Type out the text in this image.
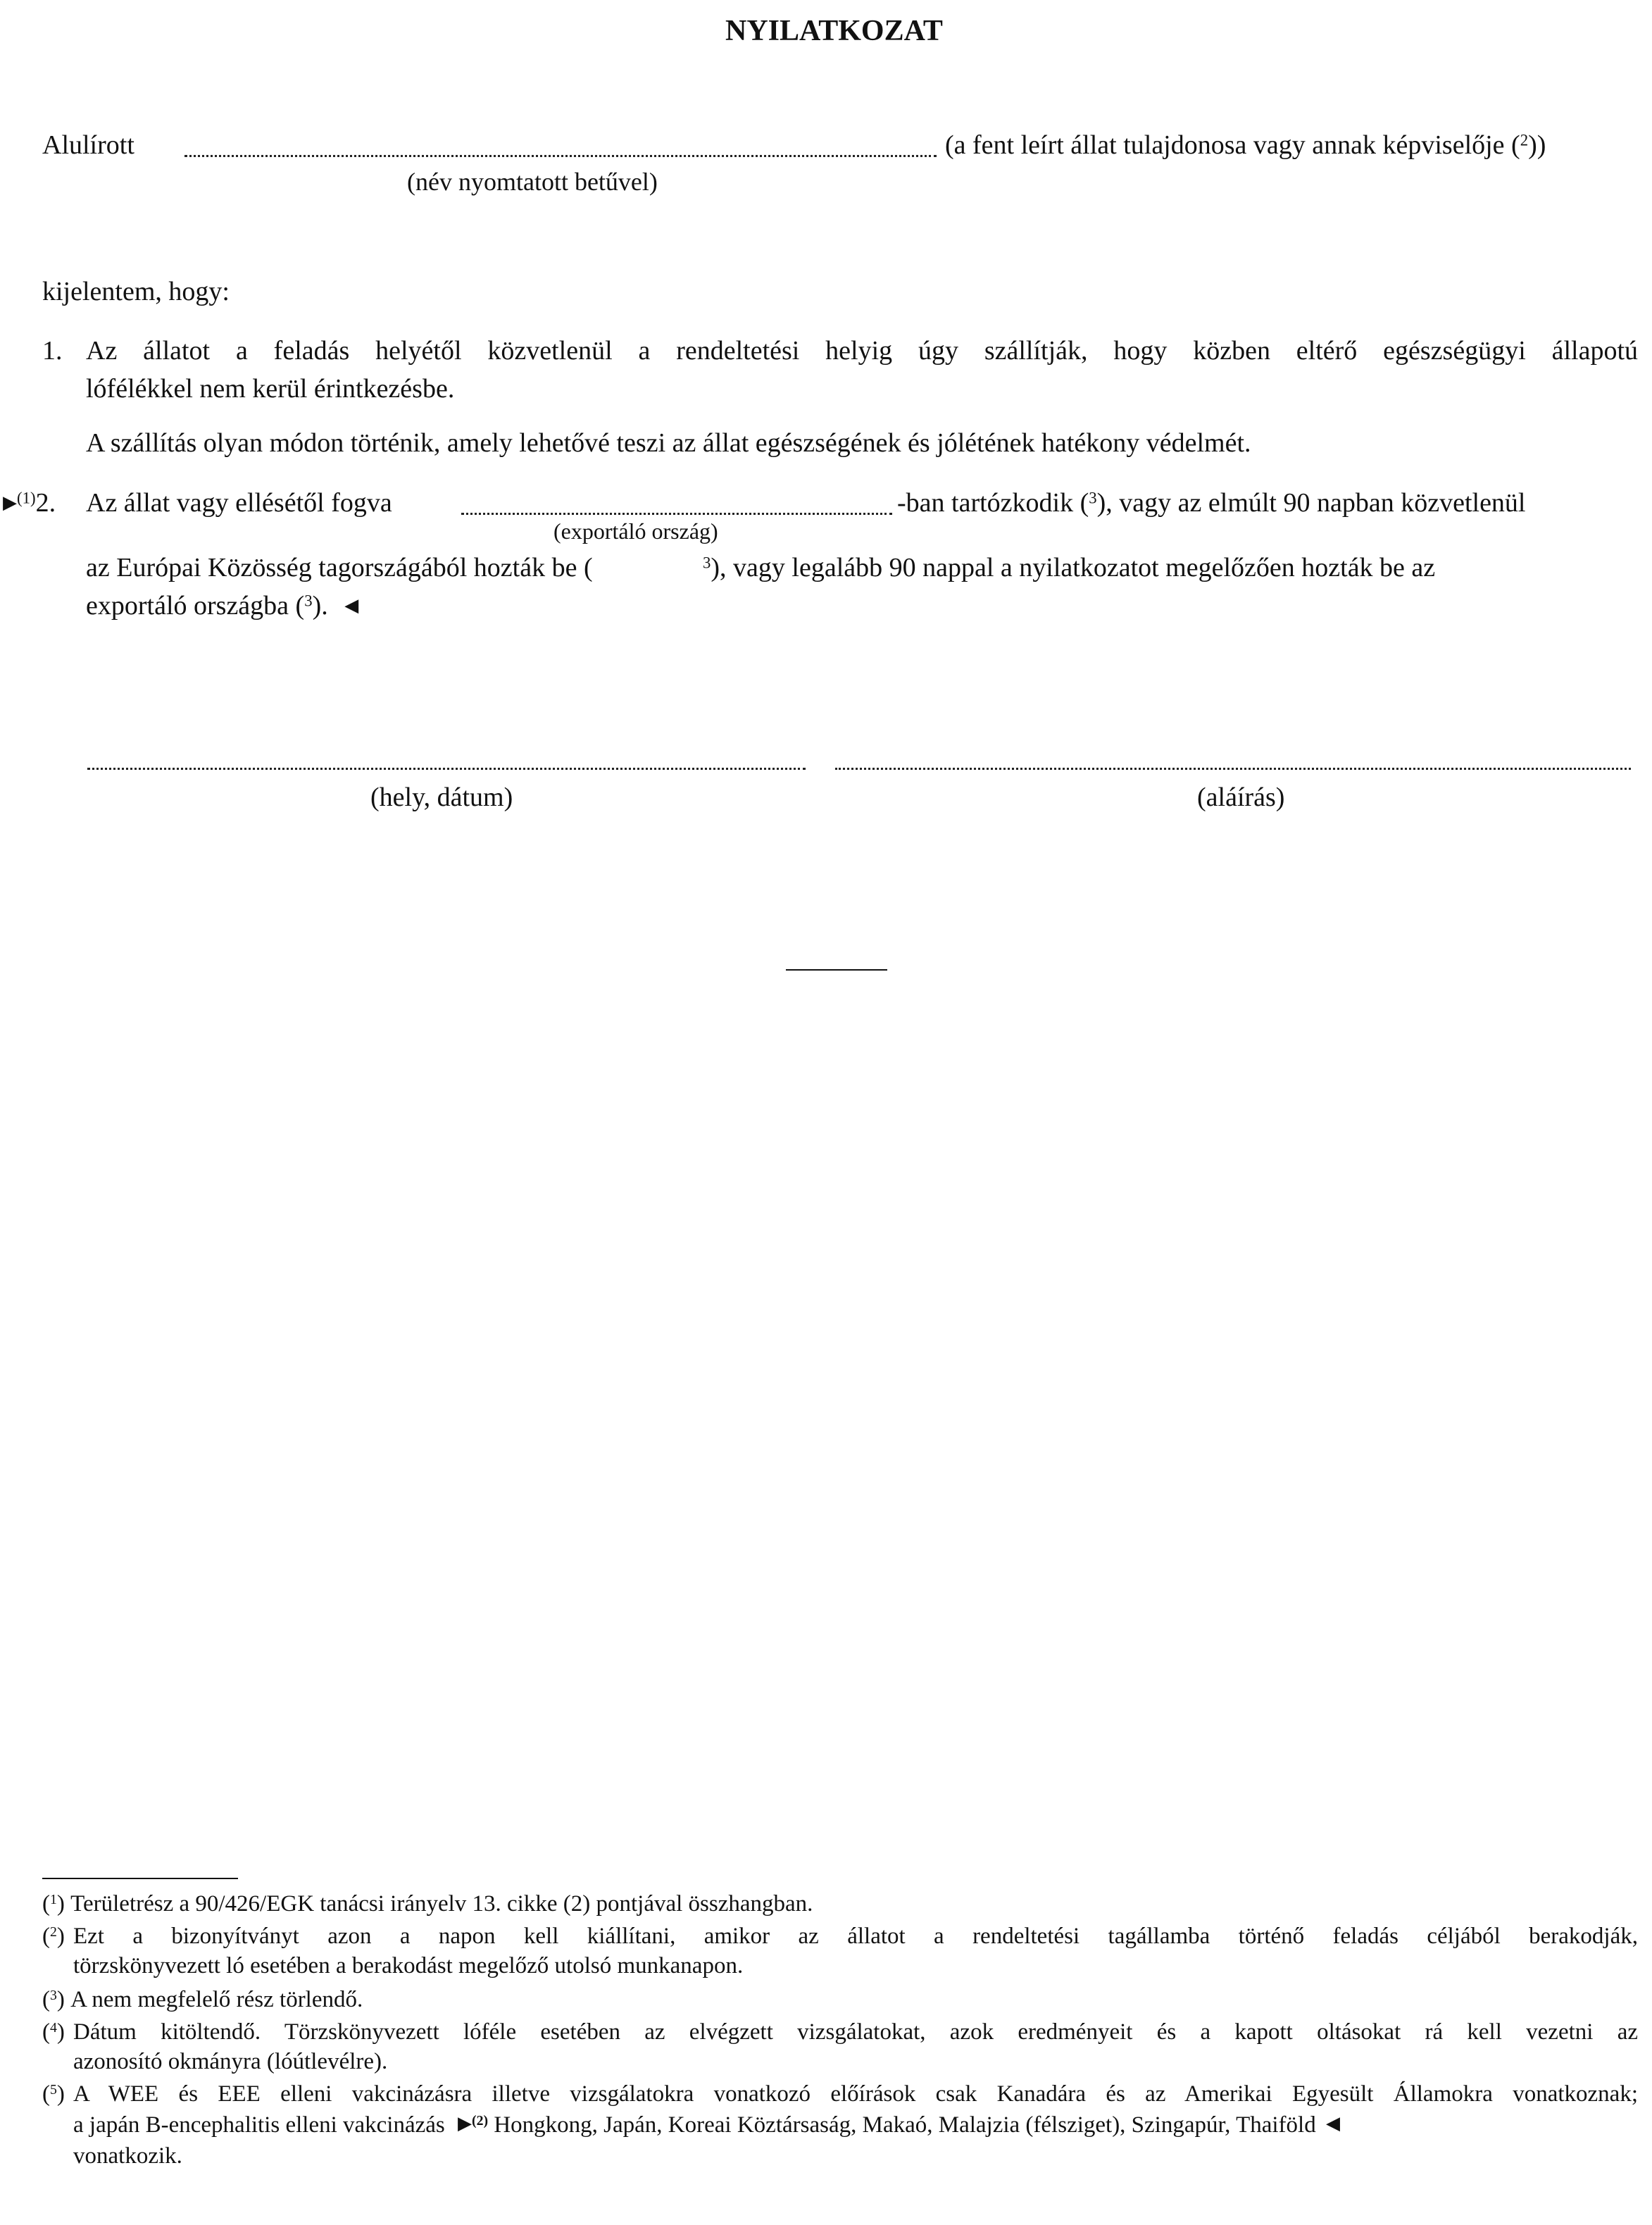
NYILATKOZAT
Alulírott	(a fent leírt állat tulajdonosa vagy annak képviselője ($^2$))
(név nyomtatott betűvel)
kijelentem, hogy:
1. Az állatot a feladás helyétől közvetlenül a rendeltetési helyig úgy szállítják, hogy közben eltérő egészségügyi állapotú
lófélékkel nem kerül érintkezésbe.
A szállítás olyan módon történik, amely lehetővé teszi az állat egészségének és jólétének hatékony védelmét.
▶$^{(1)}$2. Az állat vagy ellésétől fogva
(exportáló ország)
-ban tartózkodik ($^3$), vagy az elmúlt 90 napban közvetlenül
az Európai Közösség tagországából hozták be (	$^3$), vagy legalább 90 nappal a nyilatkozatot megelőzően hozták be az
exportáló országba ($^3$). ◀
(hely, dátum)	(aláírás)
($^1$) Területrész a 90/426/EGK tanácsi irányelv 13. cikke (2) pontjával összhangban.
($^2$) Ezt a bizonyítványt azon a napon kell kiállítani, amikor az állatot a rendeltetési tagállamba történő feladás céljából berakodják,
törzskönyvezett ló esetében a berakodást megelőző utolsó munkanapon.
($^3$) A nem megfelelő rész törlendő.
($^4$) Dátum kitöltendő. Törzskönyvezett lóféle esetében az elvégzett vizsgálatokat, azok eredményeit és a kapott oltásokat rá kell vezetni az
azonosító okmányra (lóútlevélre).
($^5$) A WEE és EEE elleni vakcinázásra illetve vizsgálatokra vonatkozó előírások csak Kanadára és az Amerikai Egyesült Államokra vonatkoznak;
a japán B-encephalitis elleni vakcinázás ▶$^{(2)}$ Hongkong, Japán, Koreai Köztársaság, Makaó, Malajzia (félsziget), Szingapúr, Thaiföld ◀
vonatkozik.
